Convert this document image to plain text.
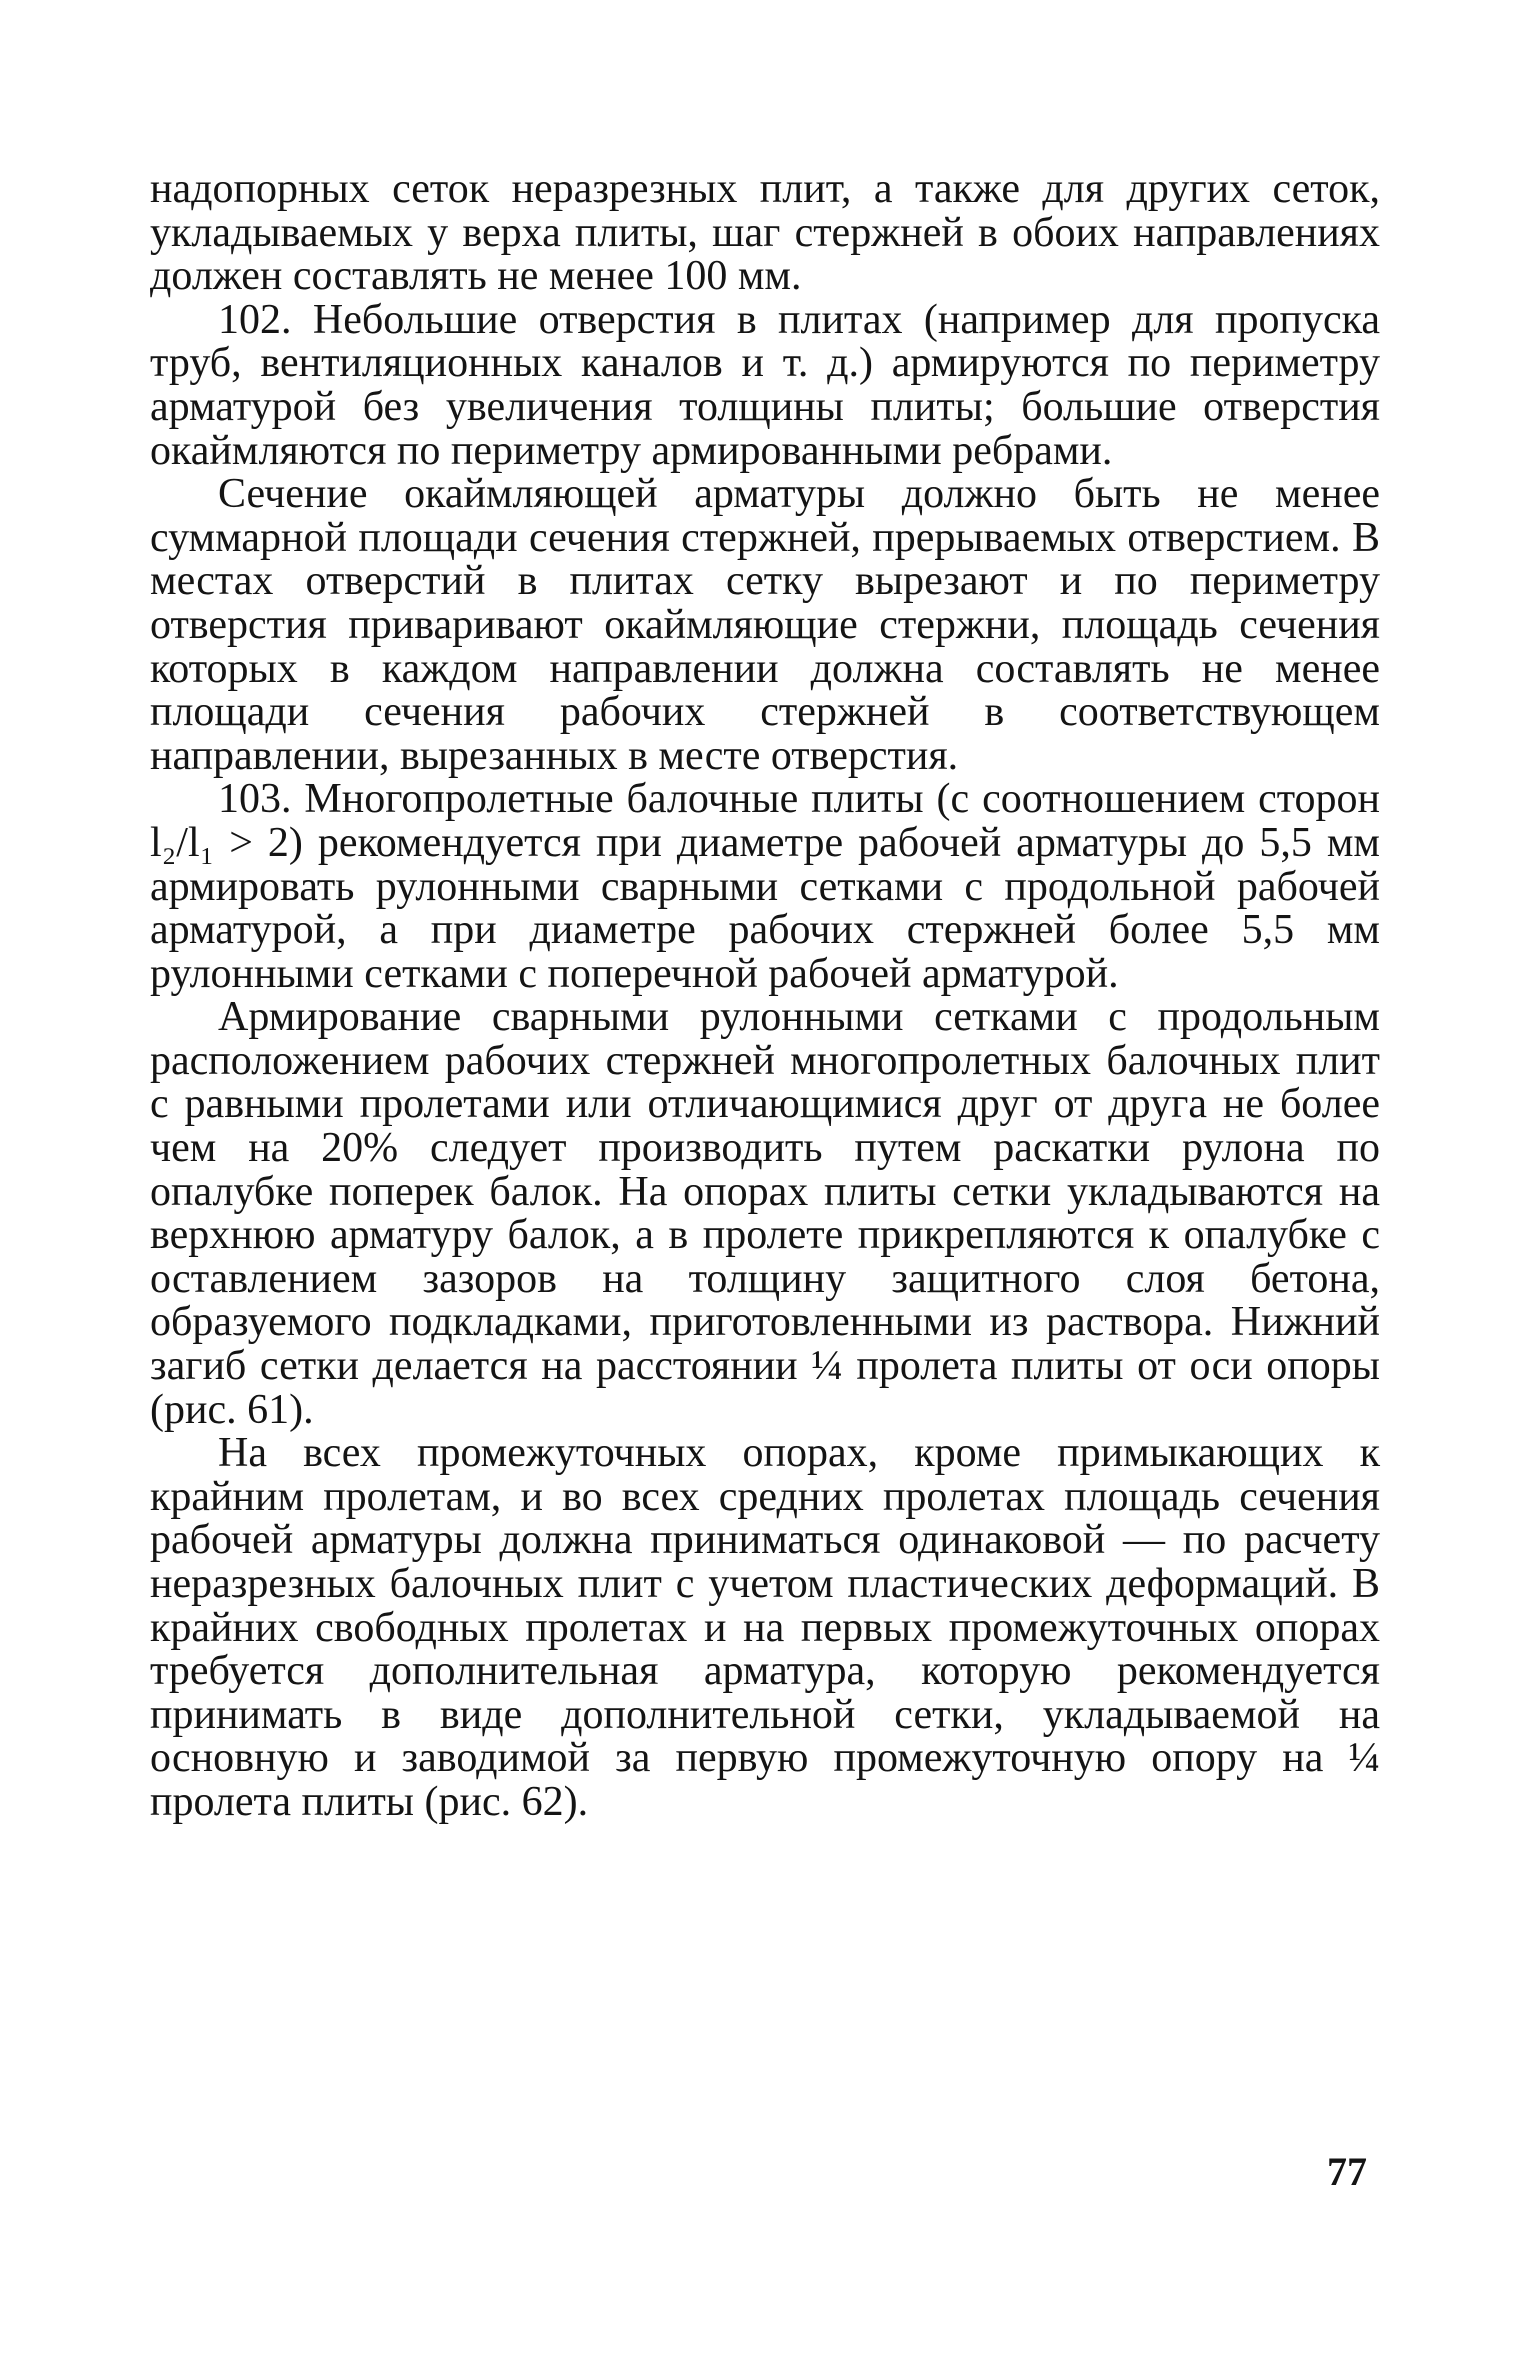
надопорных сеток неразрезных плит, а также для других сеток, укладываемых у верха плиты, шаг стержней в обоих направлениях должен составлять не менее 100 мм.

102. Небольшие отверстия в плитах (например для пропуска труб, вентиляционных каналов и т. д.) армируются по периметру арматурой без увеличения толщины плиты; большие отверстия окаймляются по периметру армированными ребрами.

Сечение окаймляющей арматуры должно быть не менее суммарной площади сечения стержней, прерываемых отверстием. В местах отверстий в плитах сетку вырезают и по периметру отверстия приваривают окаймляющие стержни, площадь сечения которых в каждом направлении должна составлять не менее площади сечения рабочих стержней в соответствующем направлении, вырезанных в месте отверстия.

103. Многопролетные балочные плиты (с соотношением сторон l₂/l₁ > 2) рекомендуется при диаметре рабочей арматуры до 5,5 мм армировать рулонными сварными сетками с продольной рабочей арматурой, а при диаметре рабочих стержней более 5,5 мм рулонными сетками с поперечной рабочей арматурой.

Армирование сварными рулонными сетками с продольным расположением рабочих стержней многопролетных балочных плит с равными пролетами или отличающимися друг от друга не более чем на 20% следует производить путем раскатки рулона по опалубке поперек балок. На опорах плиты сетки укладываются на верхнюю арматуру балок, а в пролете прикрепляются к опалубке с оставлением зазоров на толщину защитного слоя бетона, образуемого подкладками, приготовленными из раствора. Нижний загиб сетки делается на расстоянии ¼ пролета плиты от оси опоры (рис. 61).

На всех промежуточных опорах, кроме примыкающих к крайним пролетам, и во всех средних пролетах площадь сечения рабочей арматуры должна приниматься одинаковой — по расчету неразрезных балочных плит с учетом пластических деформаций. В крайних свободных пролетах и на первых промежуточных опорах требуется дополнительная арматура, которую рекомендуется принимать в виде дополнительной сетки, укладываемой на основную и заводимой за первую промежуточную опору на ¼ пролета плиты (рис. 62).

77
